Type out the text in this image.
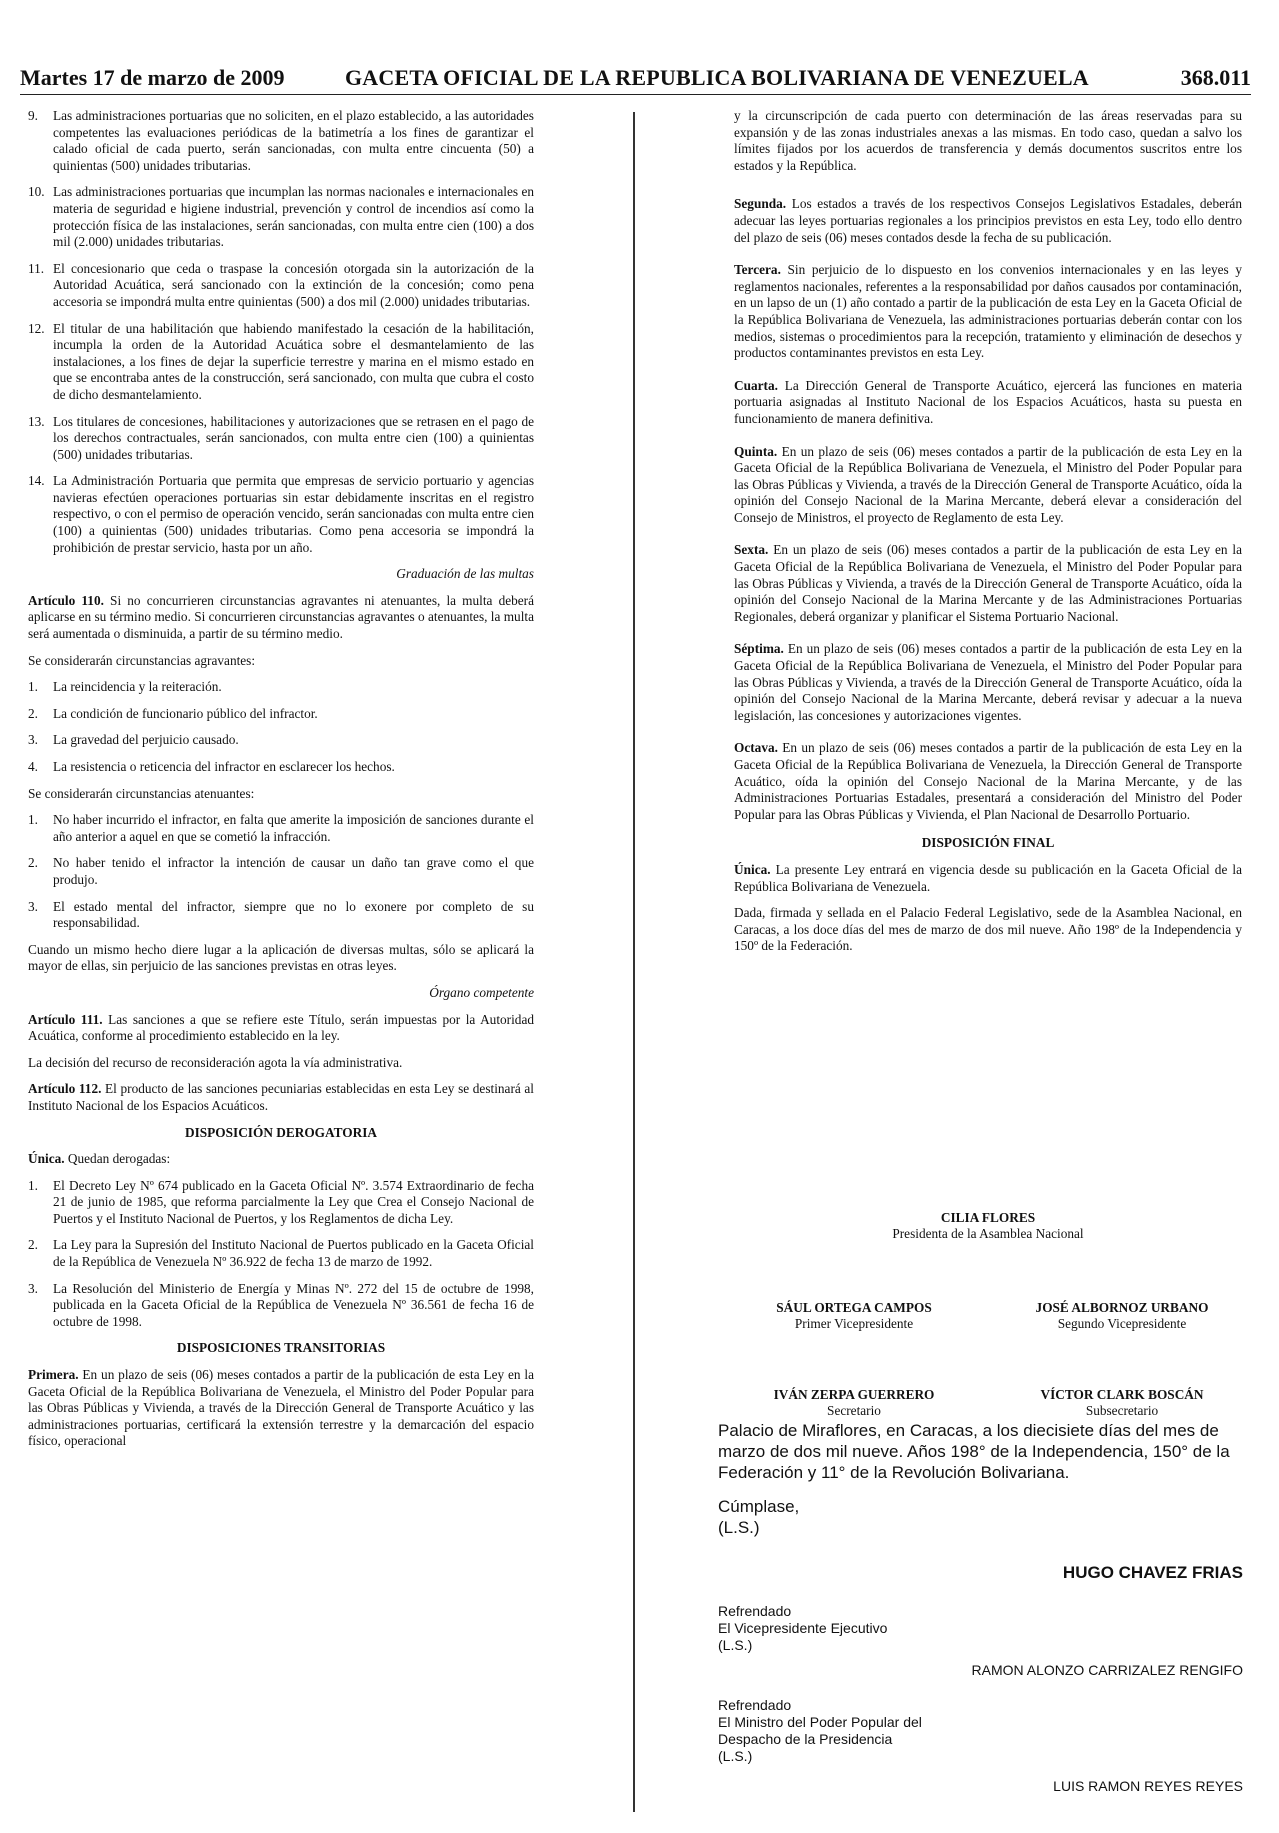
Martes 17 de marzo de 2009	GACETA OFICIAL DE LA REPUBLICA BOLIVARIANA DE VENEZUELA	368.011
9.	Las administraciones portuarias que no soliciten, en el plazo establecido, a las autoridades competentes las evaluaciones periódicas de la batimetría a los fines de garantizar el calado oficial de cada puerto, serán sancionadas, con multa entre cincuenta (50) a quinientas (500) unidades tributarias.
10. Las administraciones portuarias que incumplan las normas nacionales e internacionales en materia de seguridad e higiene industrial, prevención y control de incendios así como la protección física de las instalaciones, serán sancionadas, con multa entre cien (100) a dos mil (2.000) unidades tributarias.
11. El concesionario que ceda o traspase la concesión otorgada sin la autorización de la Autoridad Acuática, será sancionado con la extinción de la concesión; como pena accesoria se impondrá multa entre quinientas (500) a dos mil (2.000) unidades tributarias.
12. El titular de una habilitación que habiendo manifestado la cesación de la habilitación, incumpla la orden de la Autoridad Acuática sobre el desmantelamiento de las instalaciones, a los fines de dejar la superficie terrestre y marina en el mismo estado en que se encontraba antes de la construcción, será sancionado, con multa que cubra el costo de dicho desmantelamiento.
13. Los titulares de concesiones, habilitaciones y autorizaciones que se retrasen en el pago de los derechos contractuales, serán sancionados, con multa entre cien (100) a quinientas (500) unidades tributarias.
14. La Administración Portuaria que permita que empresas de servicio portuario y agencias navieras efectúen operaciones portuarias sin estar debidamente inscritas en el registro respectivo, o con el permiso de operación vencido, serán sancionadas con multa entre cien (100) a quinientas (500) unidades tributarias. Como pena accesoria se impondrá la prohibición de prestar servicio, hasta por un año.
Graduación de las multas

Artículo 110. Si no concurrieren circunstancias agravantes ni atenuantes, la multa deberá aplicarse en su término medio. Si concurrieren circunstancias agravantes o atenuantes, la multa será aumentada o disminuida, a partir de su término medio.

Se considerarán circunstancias agravantes:

1.	La reincidencia y la reiteración.
2.	La condición de funcionario público del infractor.
3.	La gravedad del perjuicio causado.
4.	La resistencia o reticencia del infractor en esclarecer los hechos.

Se considerarán circunstancias atenuantes:

1.	No haber incurrido el infractor, en falta que amerite la imposición de sanciones durante el año anterior a aquel en que se cometió la infracción.
2.	No haber tenido el infractor la intención de causar un daño tan grave como el que produjo.
3.	El estado mental del infractor, siempre que no lo exonere por completo de su responsabilidad.

Cuando un mismo hecho diere lugar a la aplicación de diversas multas, sólo se aplicará la mayor de ellas, sin perjuicio de las sanciones previstas en otras leyes.

Órgano competente

Artículo 111. Las sanciones a que se refiere este Título, serán impuestas por la Autoridad Acuática, conforme al procedimiento establecido en la ley.

La decisión del recurso de reconsideración agota la vía administrativa.

Artículo 112. El producto de las sanciones pecuniarias establecidas en esta Ley se destinará al Instituto Nacional de los Espacios Acuáticos.

DISPOSICIÓN DEROGATORIA

Única. Quedan derogadas:

1.	El Decreto Ley Nº 674 publicado en la Gaceta Oficial Nº. 3.574 Extraordinario de fecha 21 de junio de 1985, que reforma parcialmente la Ley que Crea el Consejo Nacional de Puertos y el Instituto Nacional de Puertos, y los Reglamentos de dicha Ley.
2.	La Ley para la Supresión del Instituto Nacional de Puertos publicado en la Gaceta Oficial de la República de Venezuela Nº 36.922 de fecha 13 de marzo de 1992.
3.	La Resolución del Ministerio de Energía y Minas Nº. 272 del 15 de octubre de 1998, publicada en la Gaceta Oficial de la República de Venezuela Nº 36.561 de fecha 16 de octubre de 1998.
DISPOSICIONES TRANSITORIAS

Primera. En un plazo de seis (06) meses contados a partir de la publicación de esta Ley en la Gaceta Oficial de la República Bolivariana de Venezuela, el Ministro del Poder Popular para las Obras Públicas y Vivienda, a través de la Dirección General de Transporte Acuático y las administraciones portuarias, certificará la extensión terrestre y la demarcación del espacio físico, operacional

y la circunscripción de cada puerto con determinación de las áreas reservadas para su expansión y de las zonas industriales anexas a las mismas. En todo caso, quedan a salvo los límites fijados por los acuerdos de transferencia y demás documentos suscritos entre los estados y la República.

Segunda. Los estados a través de los respectivos Consejos Legislativos Estadales, deberán adecuar las leyes portuarias regionales a los principios previstos en esta Ley, todo ello dentro del plazo de seis (06) meses contados desde la fecha de su publicación.

Tercera. Sin perjuicio de lo dispuesto en los convenios internacionales y en las leyes y reglamentos nacionales, referentes a la responsabilidad por daños causados por contaminación, en un lapso de un (1) año contado a partir de la publicación de esta Ley en la Gaceta Oficial de la República Bolivariana de Venezuela, las administraciones portuarias deberán contar con los medios, sistemas o procedimientos para la recepción, tratamiento y eliminación de desechos y productos contaminantes previstos en esta Ley.

Cuarta. La Dirección General de Transporte Acuático, ejercerá las funciones en materia portuaria asignadas al Instituto Nacional de los Espacios Acuáticos, hasta su puesta en funcionamiento de manera definitiva.

Quinta. En un plazo de seis (06) meses contados a partir de la publicación de esta Ley en la Gaceta Oficial de la República Bolivariana de Venezuela, el Ministro del Poder Popular para las Obras Públicas y Vivienda, a través de la Dirección General de Transporte Acuático, oída la opinión del Consejo Nacional de la Marina Mercante, deberá elevar a consideración del Consejo de Ministros, el proyecto de Reglamento de esta Ley.

Sexta. En un plazo de seis (06) meses contados a partir de la publicación de esta Ley en la Gaceta Oficial de la República Bolivariana de Venezuela, el Ministro del Poder Popular para las Obras Públicas y Vivienda, a través de la Dirección General de Transporte Acuático, oída la opinión del Consejo Nacional de la Marina Mercante y de las Administraciones Portuarias Regionales, deberá organizar y planificar el Sistema Portuario Nacional.

Séptima. En un plazo de seis (06) meses contados a partir de la publicación de esta Ley en la Gaceta Oficial de la República Bolivariana de Venezuela, el Ministro del Poder Popular para las Obras Públicas y Vivienda, a través de la Dirección General de Transporte Acuático, oída la opinión del Consejo Nacional de la Marina Mercante, deberá revisar y adecuar a la nueva legislación, las concesiones y autorizaciones vigentes.

Octava. En un plazo de seis (06) meses contados a partir de la publicación de esta Ley en la Gaceta Oficial de la República Bolivariana de Venezuela, la Dirección General de Transporte Acuático, oída la opinión del Consejo Nacional de la Marina Mercante, y de las Administraciones Portuarias Estadales, presentará a consideración del Ministro del Poder Popular para las Obras Públicas y Vivienda, el Plan Nacional de Desarrollo Portuario.

DISPOSICIÓN FINAL

Única. La presente Ley entrará en vigencia desde su publicación en la Gaceta Oficial de la República Bolivariana de Venezuela.

Dada, firmada y sellada en el Palacio Federal Legislativo, sede de la Asamblea Nacional, en Caracas, a los doce días del mes de marzo de dos mil nueve. Año 198º de la Independencia y 150º de la Federación.

CILIA FLORES
Presidenta de la Asamblea Nacional
SÁUL ORTEGA CAMPOS
Primer Vicepresidente
JOSÉ ALBORNOZ URBANO
Segundo Vicepresidente
IVÁN ZERPA GUERRERO
Secretario
VÍCTOR CLARK BOSCÁN
Subsecretario
Palacio de Miraflores, en Caracas, a los diecisiete días del mes de marzo de dos mil nueve. Años 198° de la Independencia, 150° de la Federación y 11° de la Revolución Bolivariana.
Cúmplase,
(L.S.)
HUGO CHAVEZ FRIAS
Refrendado
El Vicepresidente Ejecutivo
(L.S.)
RAMON ALONZO CARRIZALEZ RENGIFO
Refrendado
El Ministro del Poder Popular del
Despacho de la Presidencia
(L.S.)
LUIS RAMON REYES REYES
